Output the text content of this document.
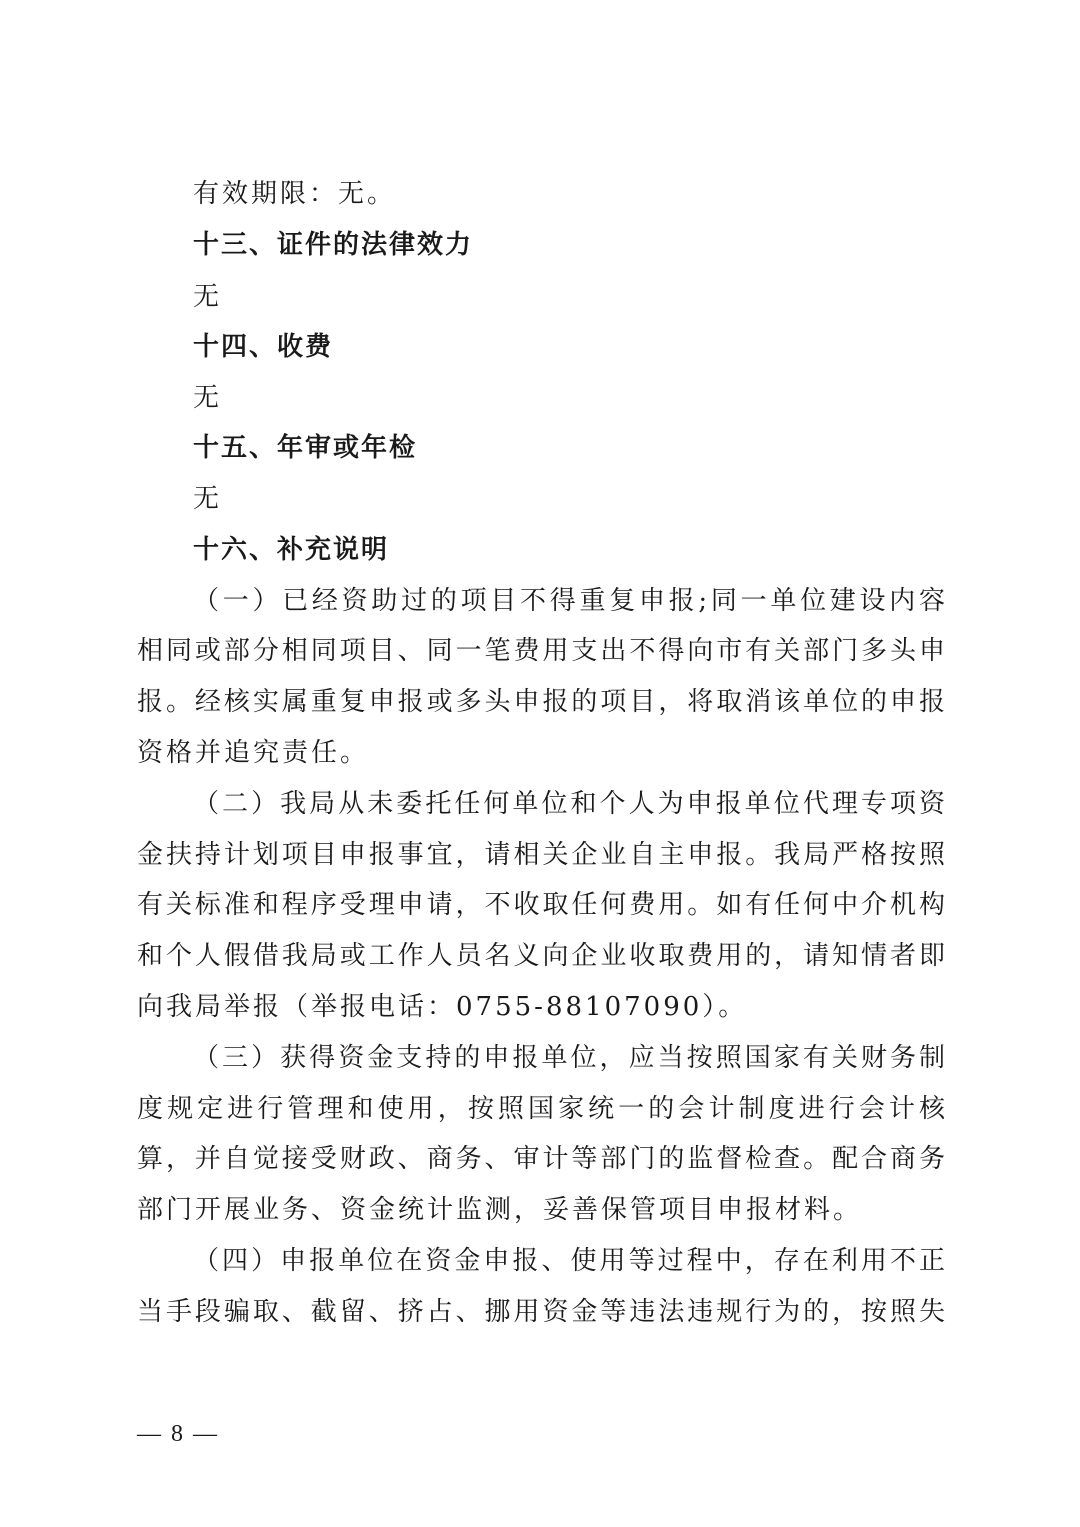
有效期限：无。
十三、证件的法律效力
无
十四、收费
无
十五、年审或年检
无
十六、补充说明
（一）已经资助过的项目不得重复申报;同一单位建设内容
相同或部分相同项目、同一笔费用支出不得向市有关部门多头申
报。经核实属重复申报或多头申报的项目，将取消该单位的申报
资格并追究责任。
（二）我局从未委托任何单位和个人为申报单位代理专项资
金扶持计划项目申报事宜，请相关企业自主申报。我局严格按照
有关标准和程序受理申请，不收取任何费用。如有任何中介机构
和个人假借我局或工作人员名义向企业收取费用的，请知情者即
向我局举报（举报电话：0755-88107090）。
（三）获得资金支持的申报单位，应当按照国家有关财务制
度规定进行管理和使用，按照国家统一的会计制度进行会计核
算，并自觉接受财政、商务、审计等部门的监督检查。配合商务
部门开展业务、资金统计监测，妥善保管项目申报材料。
（四）申报单位在资金申报、使用等过程中，存在利用不正
当手段骗取、截留、挤占、挪用资金等违法违规行为的，按照失
— 8 —
